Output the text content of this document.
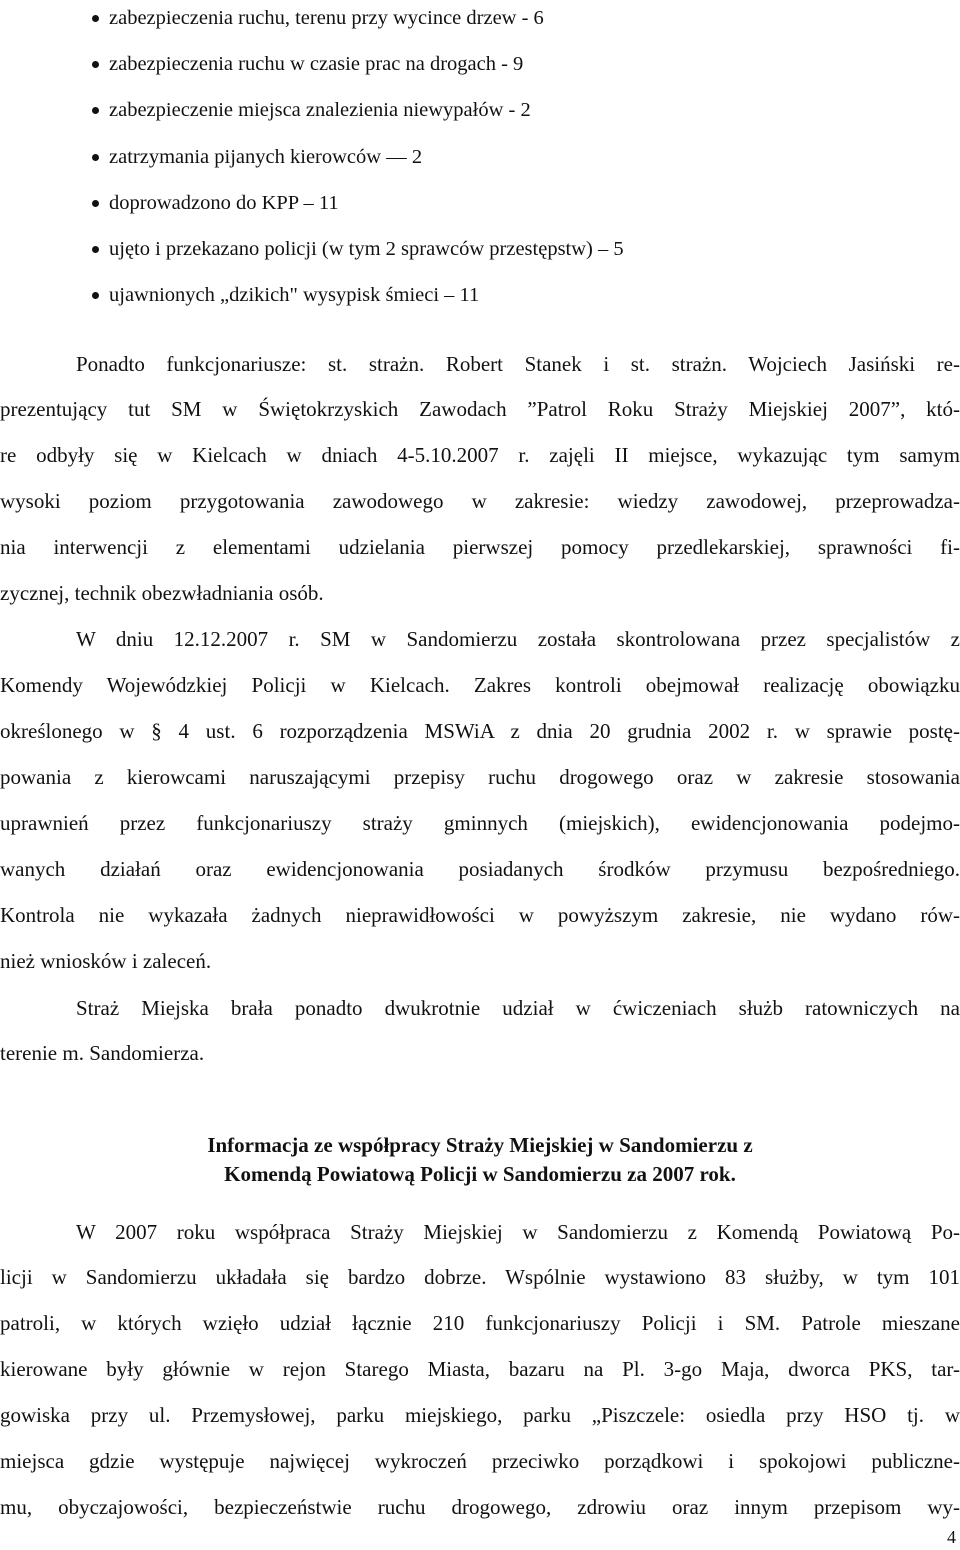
zabezpieczenia ruchu, terenu przy wycince drzew - 6
zabezpieczenia ruchu w czasie prac na drogach - 9
zabezpieczenie miejsca znalezienia niewypałów - 2
zatrzymania pijanych kierowców ― 2
doprowadzono do KPP – 11
ujęto i przekazano policji (w tym 2 sprawców przestępstw) – 5
ujawnionych „dzikich" wysypisk śmieci – 11
Ponadto funkcjonariusze: st. strażn. Robert Stanek i st. strażn. Wojciech Jasiński re-
prezentujący tut SM w Świętokrzyskich Zawodach ”Patrol Roku Straży Miejskiej 2007”, któ-
re odbyły się w Kielcach w dniach 4-5.10.2007 r. zajęli II miejsce, wykazując tym samym
wysoki poziom przygotowania zawodowego w zakresie: wiedzy zawodowej, przeprowadza-
nia interwencji z elementami udzielania pierwszej pomocy przedlekarskiej, sprawności fi-
zycznej, technik obezwładniania osób.
W dniu 12.12.2007 r. SM w Sandomierzu została skontrolowana przez specjalistów z
Komendy Wojewódzkiej Policji w Kielcach. Zakres kontroli obejmował realizację obowiązku
określonego w § 4 ust. 6 rozporządzenia MSWiA z dnia 20 grudnia 2002 r. w sprawie postę-
powania z kierowcami naruszającymi przepisy ruchu drogowego oraz w zakresie stosowania
uprawnień przez funkcjonariuszy straży gminnych (miejskich), ewidencjonowania podejmo-
wanych działań oraz ewidencjonowania posiadanych środków przymusu bezpośredniego.
Kontrola nie wykazała żadnych nieprawidłowości w powyższym zakresie, nie wydano rów-
nież wniosków i zaleceń.
Straż Miejska brała ponadto dwukrotnie udział w ćwiczeniach służb ratowniczych na
terenie m. Sandomierza.
Informacja ze współpracy Straży Miejskiej w Sandomierzu z
Komendą Powiatową Policji w Sandomierzu za 2007 rok.
W 2007 roku współpraca Straży Miejskiej w Sandomierzu z Komendą Powiatową Po-
licji w Sandomierzu układała się bardzo dobrze. Wspólnie wystawiono 83 służby, w tym 101
patroli, w których wzięło udział łącznie 210 funkcjonariuszy Policji i SM. Patrole mieszane
kierowane były głównie w rejon Starego Miasta, bazaru na Pl. 3-go Maja, dworca PKS, tar-
gowiska przy ul. Przemysłowej, parku miejskiego, parku „Piszczele: osiedla przy HSO tj. w
miejsca gdzie występuje najwięcej wykroczeń przeciwko porządkowi i spokojowi publiczne-
mu, obyczajowości, bezpieczeństwie ruchu drogowego, zdrowiu oraz innym przepisom wy-
4
